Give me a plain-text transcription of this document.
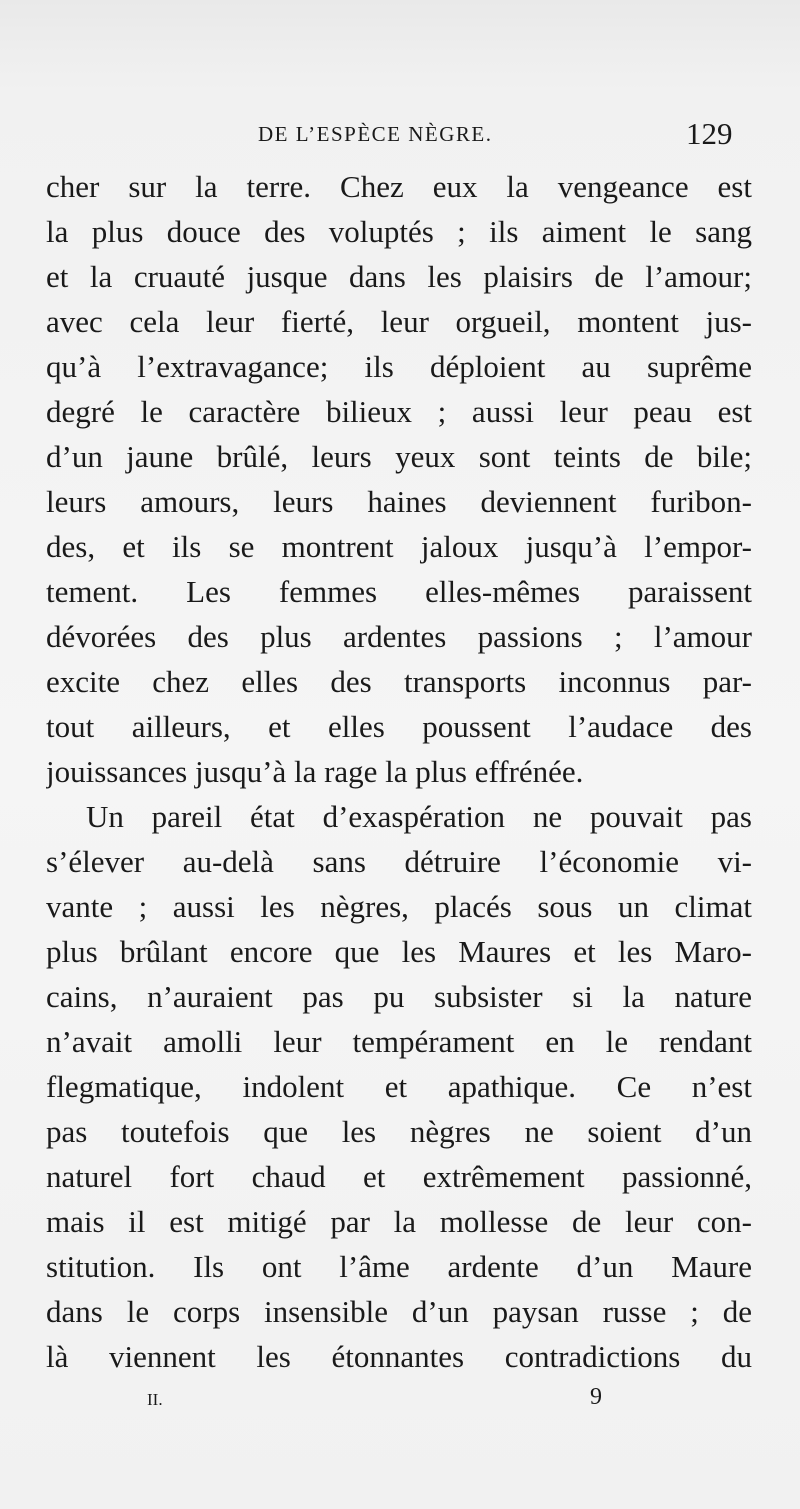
DE L’ESPÈCE NÈGRE.	129
cher sur la terre. Chez eux la vengeance est
la plus douce des voluptés ; ils aiment le sang
et la cruauté jusque dans les plaisirs de l’amour;
avec cela leur fierté, leur orgueil, montent jus-
qu’à l’extravagance; ils déploient au suprême
degré le caractère bilieux ; aussi leur peau est
d’un jaune brûlé, leurs yeux sont teints de bile;
leurs amours, leurs haines deviennent furibon-
des, et ils se montrent jaloux jusqu’à l’empor-
tement. Les femmes elles-mêmes paraissent
dévorées des plus ardentes passions ; l’amour
excite chez elles des transports inconnus par-
tout ailleurs, et elles poussent l’audace des
jouissances jusqu’à la rage la plus effrénée.
Un pareil état d’exaspération ne pouvait pas
s’élever au-delà sans détruire l’économie vi-
vante ; aussi les nègres, placés sous un climat
plus brûlant encore que les Maures et les Maro-
cains, n’auraient pas pu subsister si la nature
n’avait amolli leur tempérament en le rendant
flegmatique, indolent et apathique. Ce n’est
pas toutefois que les nègres ne soient d’un
naturel fort chaud et extrêmement passionné,
mais il est mitigé par la mollesse de leur con-
stitution. Ils ont l’âme ardente d’un Maure
dans le corps insensible d’un paysan russe ; de
là viennent les étonnantes contradictions du
II.	9
